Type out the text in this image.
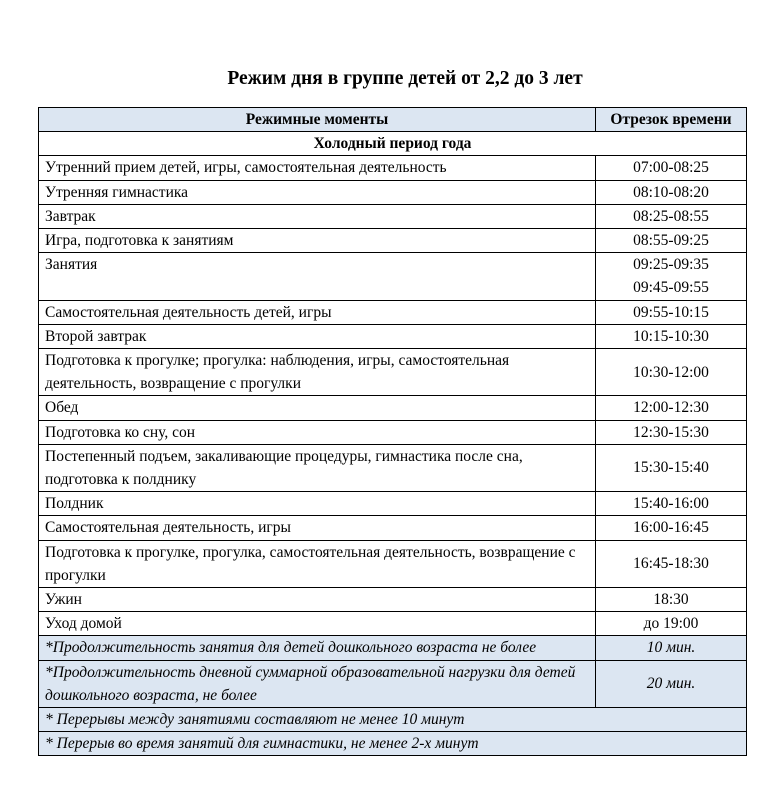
Режим дня в группе детей от 2,2 до 3 лет
Режимные моменты	Отрезок времени
Холодный период года	
Утренний прием детей, игры, самостоятельная деятельность	07:00-08:25
Утренняя гимнастика	08:10-08:20
Завтрак	08:25-08:55
Игра, подготовка к занятиям	08:55-09:25
Занятия	09:25-09:35
09:45-09:55

Самостоятельная деятельность детей, игры	09:55-10:15
Второй завтрак	10:15-10:30
Подготовка к прогулке; прогулка: наблюдения, игры, самостоятельная деятельность, возвращение с прогулки	10:30-12:00
Обед	12:00-12:30
Подготовка ко сну, сон	12:30-15:30
Постепенный подъем, закаливающие процедуры, гимнастика после сна, подготовка к полднику	15:30-15:40
Полдник	15:40-16:00
Самостоятельная деятельность, игры	16:00-16:45
Подготовка к прогулке, прогулка, самостоятельная деятельность, возвращение с прогулки	16:45-18:30
Ужин	18:30
Уход домой	до 19:00
*Продолжительность занятия для детей дошкольного возраста не более	10 мин.
*Продолжительность дневной суммарной образовательной нагрузки для детей дошкольного возраста, не более	20 мин.
* Перерывы между занятиями составляют не менее 10 минут	
* Перерыв во время занятий для гимнастики, не менее 2-х минут	
